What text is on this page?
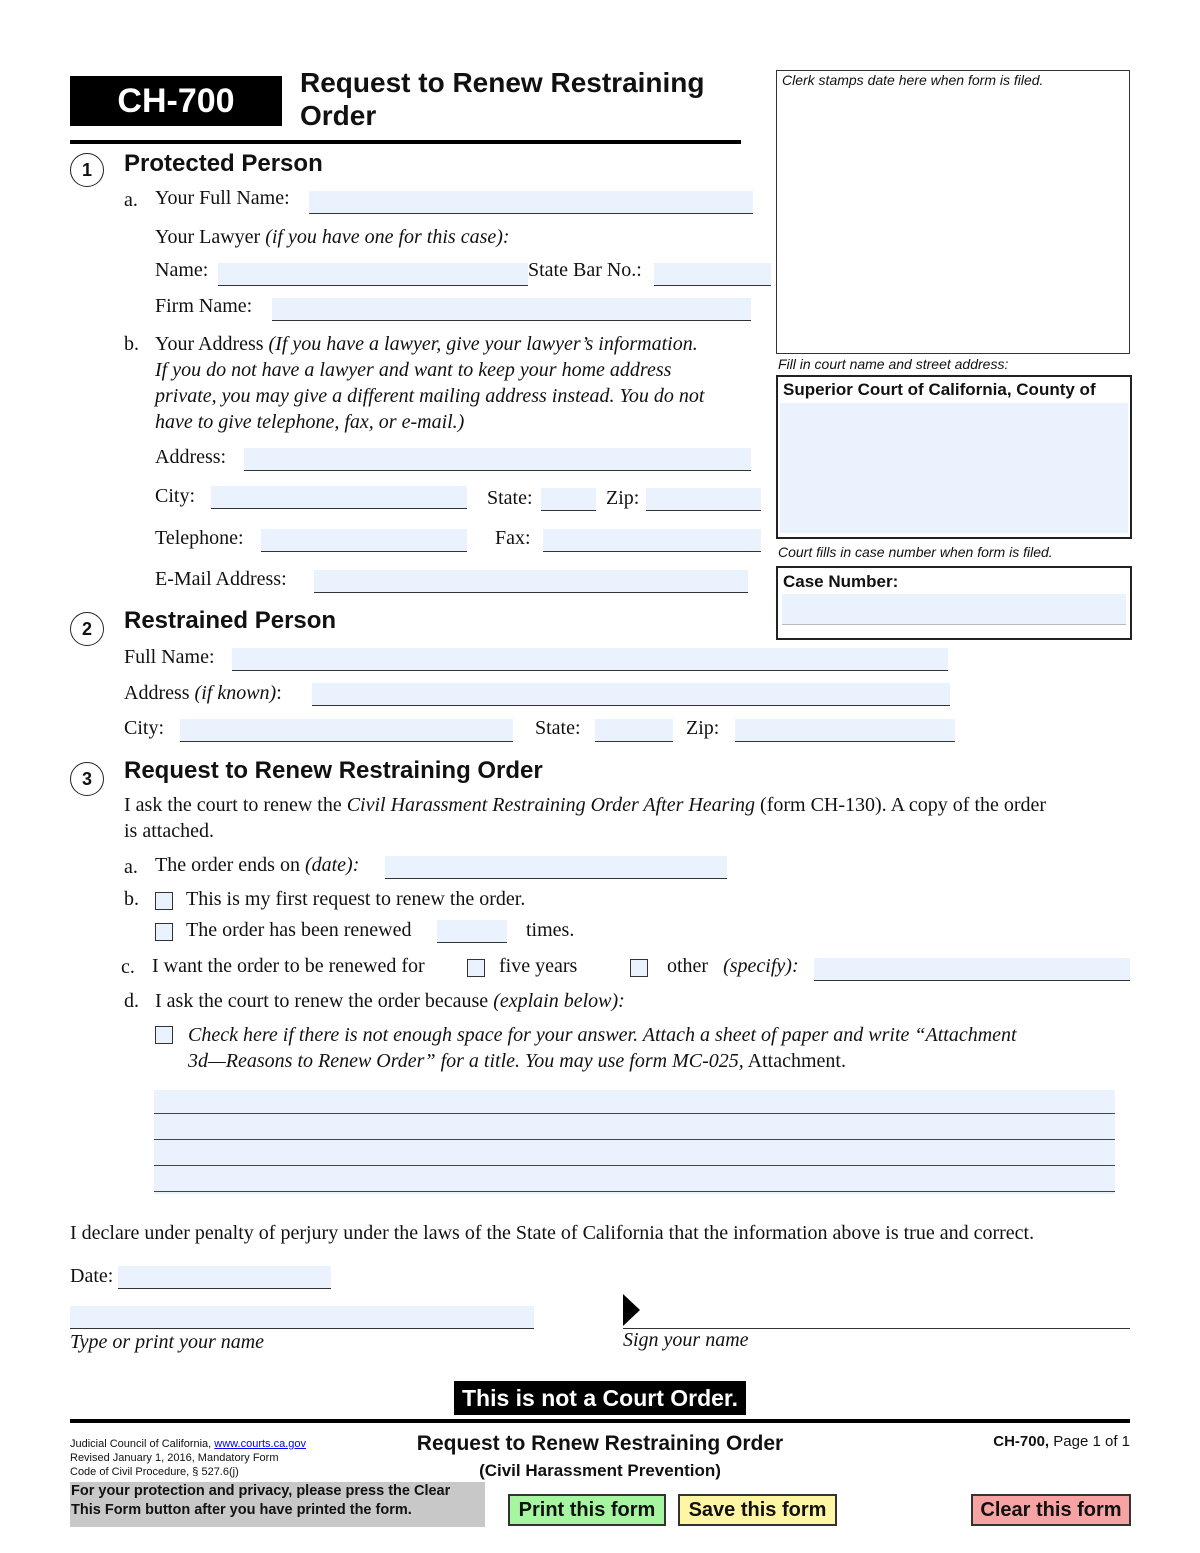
CH-700	Request to Renew Restraining
Order
Clerk stamps date here when form is filed.
Fill in court name and street address:
Superior Court of California, County of
Court fills in case number when form is filed.
Case Number:
1	Protected Person
a. Your Full Name:
Your Lawyer (if you have one for this case):
Name:	State Bar No.:
Firm Name:
b. Your Address (If you have a lawyer, give your lawyer’s information.
If you do not have a lawyer and want to keep your home address
private, you may give a different mailing address instead. You do not
have to give telephone, fax, or e-mail.)
Address:
City:	State:	Zip:
Telephone:	Fax:
E-Mail Address:
2	Restrained Person
Full Name:
Address (if known):
City:	State:	Zip:
3	Request to Renew Restraining Order
I ask the court to renew the Civil Harassment Restraining Order After Hearing (form CH-130). A copy of the order
is attached.
a. The order ends on (date):
b. This is my first request to renew the order.
The order has been renewed	times.
c. I want the order to be renewed for	five years	other (specify):
d. I ask the court to renew the order because (explain below):
Check here if there is not enough space for your answer. Attach a sheet of paper and write “Attachment
3d—Reasons to Renew Order” for a title. You may use form MC-025, Attachment.
I declare under penalty of perjury under the laws of the State of California that the information above is true and correct.
Date:
Type or print your name	Sign your name
This is not a Court Order.
Judicial Council of California, www.courts.ca.gov
Revised January 1, 2016, Mandatory Form
Code of Civil Procedure, § 527.6(j)
Request to Renew Restraining Order
(Civil Harassment Prevention)
CH-700, Page 1 of 1
For your protection and privacy, please press the Clear
This Form button after you have printed the form.	Print this form	Save this form	Clear this form
